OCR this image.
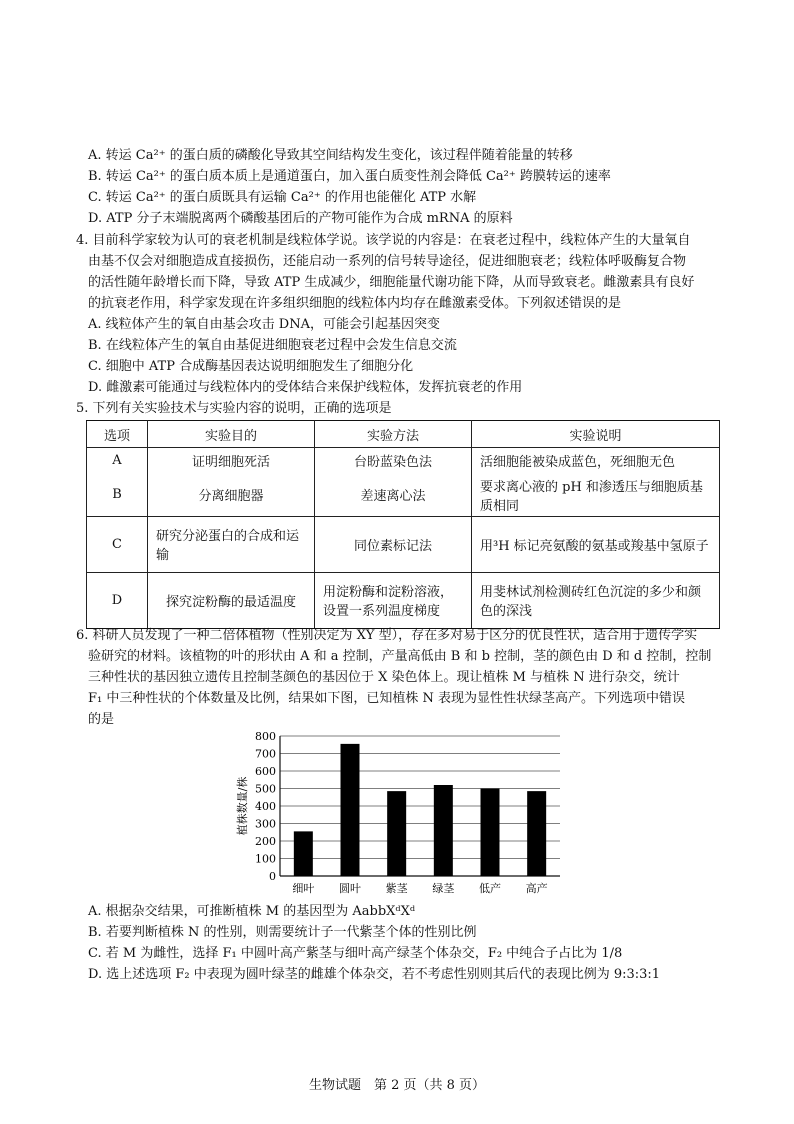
A. 转运 Ca²⁺ 的蛋白质的磷酸化导致其空间结构发生变化，该过程伴随着能量的转移
B. 转运 Ca²⁺ 的蛋白质本质上是通道蛋白，加入蛋白质变性剂会降低 Ca²⁺ 跨膜转运的速率
C. 转运 Ca²⁺ 的蛋白质既具有运输 Ca²⁺ 的作用也能催化 ATP 水解
D. ATP 分子末端脱离两个磷酸基团后的产物可能作为合成 mRNA 的原料
4. 目前科学家较为认可的衰老机制是线粒体学说。该学说的内容是：在衰老过程中，线粒体产生的大量氧自
由基不仅会对细胞造成直接损伤，还能启动一系列的信号转导途径，促进细胞衰老；线粒体呼吸酶复合物
的活性随年龄增长而下降，导致 ATP 生成减少，细胞能量代谢功能下降，从而导致衰老。雌激素具有良好
的抗衰老作用，科学家发现在许多组织细胞的线粒体内均存在雌激素受体。下列叙述错误的是
A. 线粒体产生的氧自由基会攻击 DNA，可能会引起基因突变
B. 在线粒体产生的氧自由基促进细胞衰老过程中会发生信息交流
C. 细胞中 ATP 合成酶基因表达说明细胞发生了细胞分化
D. 雌激素可能通过与线粒体内的受体结合来保护线粒体，发挥抗衰老的作用
5. 下列有关实验技术与实验内容的说明，正确的选项是
选项	实验目的	实验方法	实验说明
A	证明细胞死活	台盼蓝染色法	活细胞能被染成蓝色，死细胞无色
B	分离细胞器	差速离心法	要求离心液的 pH 和渗透压与细胞质基质相同
C	研究分泌蛋白的合成和运输	同位素标记法	用³H 标记亮氨酸的氨基或羧基中氢原子
D	探究淀粉酶的最适温度	用淀粉酶和淀粉溶液，设置一系列温度梯度	用斐林试剂检测砖红色沉淀的多少和颜色的深浅
6. 科研人员发现了一种二倍体植物（性别决定为 XY 型），存在多对易于区分的优良性状，适合用于遗传学实
验研究的材料。该植物的叶的形状由 A 和 a 控制，产量高低由 B 和 b 控制，茎的颜色由 D 和 d 控制，控制
三种性状的基因独立遗传且控制茎颜色的基因位于 X 染色体上。现让植株 M 与植株 N 进行杂交，统计
F₁ 中三种性状的个体数量及比例，结果如下图，已知植株 N 表现为显性性状绿茎高产。下列选项中错误
的是
0
100
200
300
400
500
600
700
800
植株数量/株
细叶 圆叶 紫茎 绿茎 低产 高产
A. 根据杂交结果，可推断植株 M 的基因型为 AabbXᵈXᵈ
B. 若要判断植株 N 的性别，则需要统计子一代紫茎个体的性别比例
C. 若 M 为雌性，选择 F₁ 中圆叶高产紫茎与细叶高产绿茎个体杂交，F₂ 中纯合子占比为 1/8
D. 选上述选项 F₂ 中表现为圆叶绿茎的雌雄个体杂交，若不考虑性别则其后代的表现比例为 9:3:3:1
生物试题　第 2 页（共 8 页）
